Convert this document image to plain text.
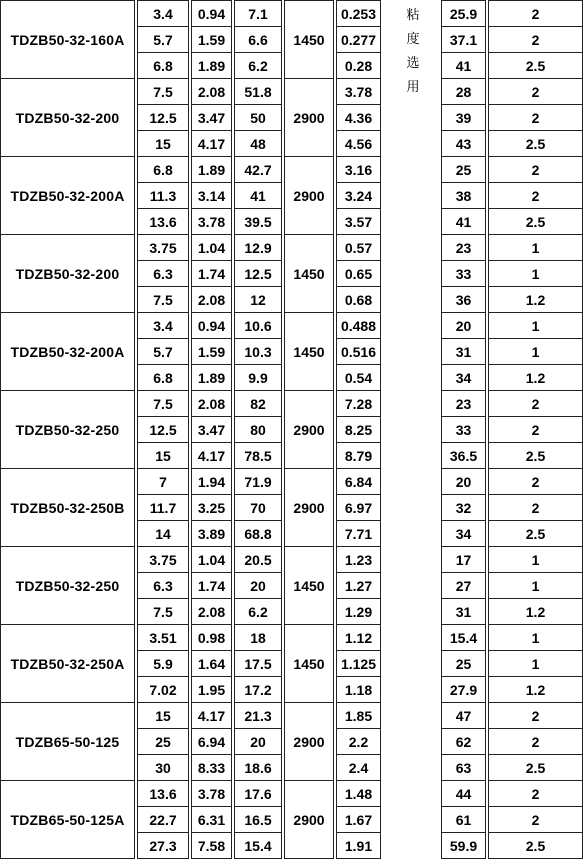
TDZB50-32-160A	1450
3.4	0.94	7.1	0.253	25.9	2
5.7	1.59	6.6	0.277	37.1	2
6.8	1.89	6.2	0.28	41	2.5
TDZB50-32-200	2900
7.5	2.08	51.8	3.78	28	2
12.5	3.47	50	4.36	39	2
15	4.17	48	4.56	43	2.5
TDZB50-32-200A	2900
6.8	1.89	42.7	3.16	25	2
11.3	3.14	41	3.24	38	2
13.6	3.78	39.5	3.57	41	2.5
TDZB50-32-200	1450
3.75	1.04	12.9	0.57	23	1
6.3	1.74	12.5	0.65	33	1
7.5	2.08	12	0.68	36	1.2
TDZB50-32-200A	1450
3.4	0.94	10.6	0.488	20	1
5.7	1.59	10.3	0.516	31	1
6.8	1.89	9.9	0.54	34	1.2
TDZB50-32-250	2900
7.5	2.08	82	7.28	23	2
12.5	3.47	80	8.25	33	2
15	4.17	78.5	8.79	36.5	2.5
TDZB50-32-250B	2900
7	1.94	71.9	6.84	20	2
11.7	3.25	70	6.97	32	2
14	3.89	68.8	7.71	34	2.5
TDZB50-32-250	1450
3.75	1.04	20.5	1.23	17	1
6.3	1.74	20	1.27	27	1
7.5	2.08	6.2	1.29	31	1.2
TDZB50-32-250A	1450
3.51	0.98	18	1.12	15.4	1
5.9	1.64	17.5	1.125	25	1
7.02	1.95	17.2	1.18	27.9	1.2
TDZB65-50-125	2900
15	4.17	21.3	1.85	47	2
25	6.94	20	2.2	62	2
30	8.33	18.6	2.4	63	2.5
TDZB65-50-125A	2900
13.6	3.78	17.6	1.48	44	2
22.7	6.31	16.5	1.67	61	2
27.3	7.58	15.4	1.91	59.9	2.5
粘
度
选
用
